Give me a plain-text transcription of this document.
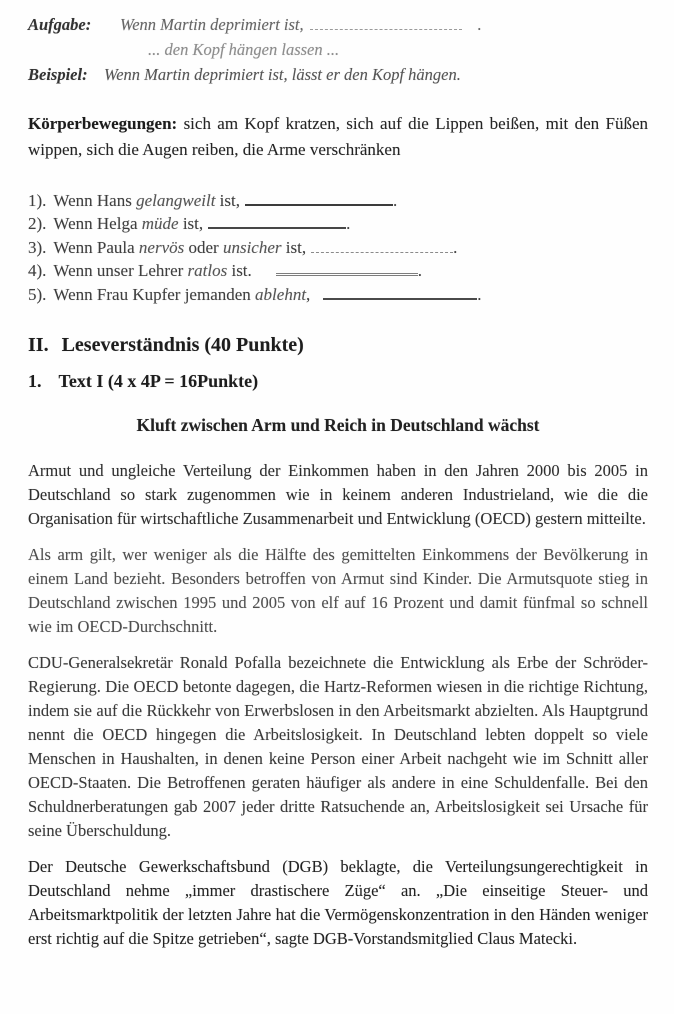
Aufgabe: Wenn Martin deprimiert ist,	.
... den Kopf hängen lassen ...
Beispiel: Wenn Martin deprimiert ist, lässt er den Kopf hängen.

Körperbewegungen: sich am Kopf kratzen, sich auf die Lippen beißen, mit den Füßen wippen, sich die Augen reiben, die Arme verschränken

1). Wenn Hans gelangweilt ist,	.
2). Wenn Helga müde ist,	.
3). Wenn Paula nervös oder unsicher ist,	.
4). Wenn unser Lehrer ratlos ist.	.
5). Wenn Frau Kupfer jemanden ablehnt,	.
II. Leseverständnis (40 Punkte)
1. Text I (4 x 4P = 16Punkte)
Kluft zwischen Arm und Reich in Deutschland wächst

Armut und ungleiche Verteilung der Einkommen haben in den Jahren 2000 bis 2005 in Deutschland so stark zugenommen wie in keinem anderen Industrieland, wie die die Organisation für wirtschaftliche Zusammenarbeit und Entwicklung (OECD) gestern mitteilte.

Als arm gilt, wer weniger als die Hälfte des gemittelten Einkommens der Bevölkerung in einem Land bezieht. Besonders betroffen von Armut sind Kinder. Die Armutsquote stieg in Deutschland zwischen 1995 und 2005 von elf auf 16 Prozent und damit fünfmal so schnell wie im OECD-Durchschnitt.

CDU-Generalsekretär Ronald Pofalla bezeichnete die Entwicklung als Erbe der Schröder-Regierung. Die OECD betonte dagegen, die Hartz-Reformen wiesen in die richtige Richtung, indem sie auf die Rückkehr von Erwerbslosen in den Arbeitsmarkt abzielten. Als Hauptgrund nennt die OECD hingegen die Arbeitslosigkeit. In Deutschland lebten doppelt so viele Menschen in Haushalten, in denen keine Person einer Arbeit nachgeht wie im Schnitt aller OECD-Staaten. Die Betroffenen geraten häufiger als andere in eine Schuldenfalle. Bei den Schuldnerberatungen gab 2007 jeder dritte Ratsuchende an, Arbeitslosigkeit sei Ursache für seine Überschuldung.

Der Deutsche Gewerkschaftsbund (DGB) beklagte, die Verteilungsungerechtigkeit in Deutschland nehme „immer drastischere Züge“ an. „Die einseitige Steuer- und Arbeitsmarktpolitik der letzten Jahre hat die Vermögenskonzentration in den Händen weniger erst richtig auf die Spitze getrieben“, sagte DGB-Vorstandsmitglied Claus Matecki.
